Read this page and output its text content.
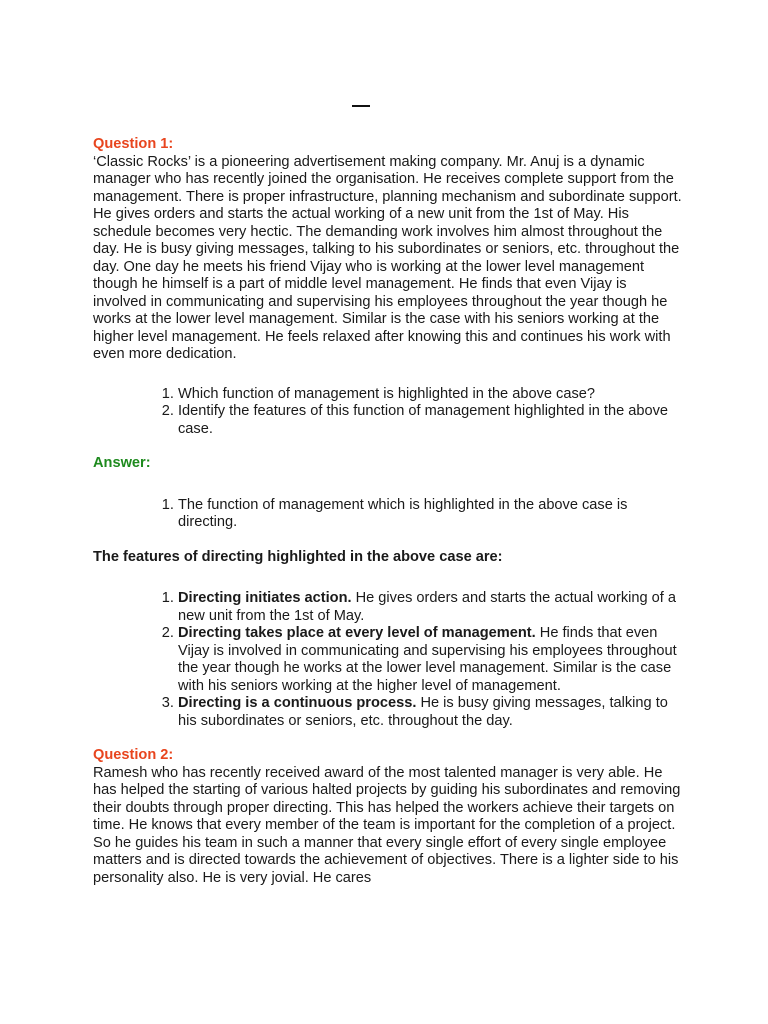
Question 1:

‘Classic Rocks’ is a pioneering advertisement making company. Mr. Anuj is a dynamic manager who has recently joined the organisation. He receives complete support from the management. There is proper infrastructure, planning mechanism and subordinate support. He gives orders and starts the actual working of a new unit from the 1st of May. His schedule becomes very hectic. The demanding work involves him almost throughout the day. He is busy giving messages, talking to his subordinates or seniors, etc. throughout the day. One day he meets his friend Vijay who is working at the lower level management though he himself is a part of middle level management. He finds that even Vijay is involved in communicating and supervising his employees throughout the year though he works at the lower level management. Similar is the case with his seniors working at the higher level management. He feels relaxed after knowing this and continues his work with even more dedication.

1. Which function of management is highlighted in the above case?
2. Identify the features of this function of management highlighted in the above case.

Answer:

1. The function of management which is highlighted in the above case is directing.

The features of directing highlighted in the above case are:

1. Directing initiates action. He gives orders and starts the actual working of a new unit from the 1st of May.
2. Directing takes place at every level of management. He finds that even Vijay is involved in communicating and supervising his employees throughout the year though he works at the lower level management. Similar is the case with his seniors working at the higher level of management.
3. Directing is a continuous process. He is busy giving messages, talking to his subordinates or seniors, etc. throughout the day.

Question 2:

Ramesh who has recently received award of the most talented manager is very able. He has helped the starting of various halted projects by guiding his subordinates and removing their doubts through proper directing. This has helped the workers achieve their targets on time. He knows that every member of the team is important for the completion of a project. So he guides his team in such a manner that every single effort of every single employee matters and is directed towards the achievement of objectives. There is a lighter side to his personality also. He is very jovial. He cares
